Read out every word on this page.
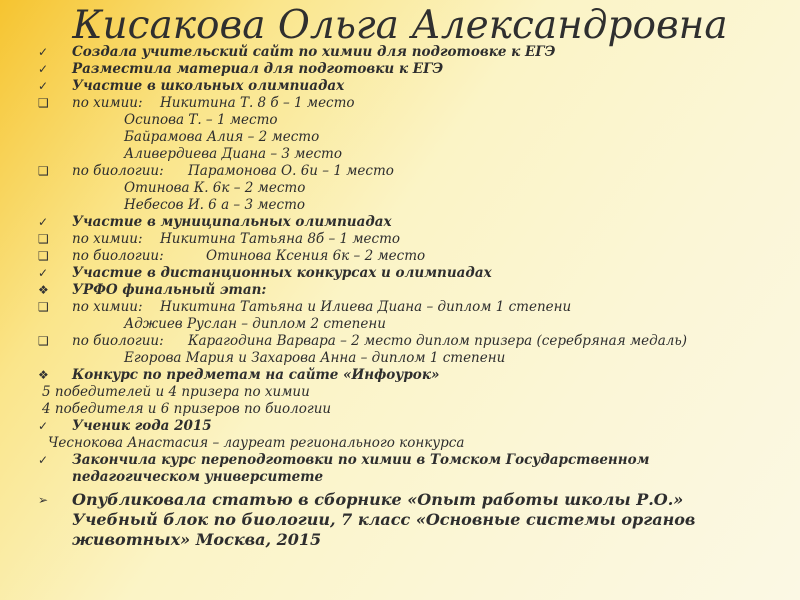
Кисакова Ольга Александровна
✓ Создала учительский сайт по химии для подготовке к ЕГЭ
✓ Разместила материал для подготовки к ЕГЭ
✓ Участие в школьных олимпиадах
❑ по химии: Никитина Т. 8 б – 1 место
Осипова Т. – 1 место
Байрамова Алия – 2 место
Аливердиева Диана – 3 место
❑ по биологии: Парамонова О. 6и – 1 место
Отинова К. 6к – 2 место
Небесов И. 6 а – 3 место
✓ Участие в муниципальных олимпиадах
❑ по химии: Никитина Татьяна 8б – 1 место
❑ по биологии:	Отинова Ксения 6к – 2 место
✓ Участие в дистанционных конкурсах и олимпиадах
❖ УРФО финальный этап:
❑ по химии: Никитина Татьяна и Илиева Диана – диплом 1 степени
Аджиев Руслан – диплом 2 степени
❑ по биологии: Карагодина Варвара – 2 место диплом призера (серебряная медаль)
Егорова Мария и Захарова Анна – диплом 1 степени
❖ Конкурс по предметам на сайте «Инфоурок»
5 победителей и 4 призера по химии
4 победителя и 6 призеров по биологии
✓ Ученик года 2015
Чеснокова Анастасия – лауреат регионального конкурса
✓ Закончила курс переподготовки по химии в Томском Государственном
педагогическом университете
➢ Опубликовала статью в сборнике «Опыт работы школы Р.О.»
Учебный блок по биологии, 7 класс «Основные системы органов
животных» Москва, 2015
